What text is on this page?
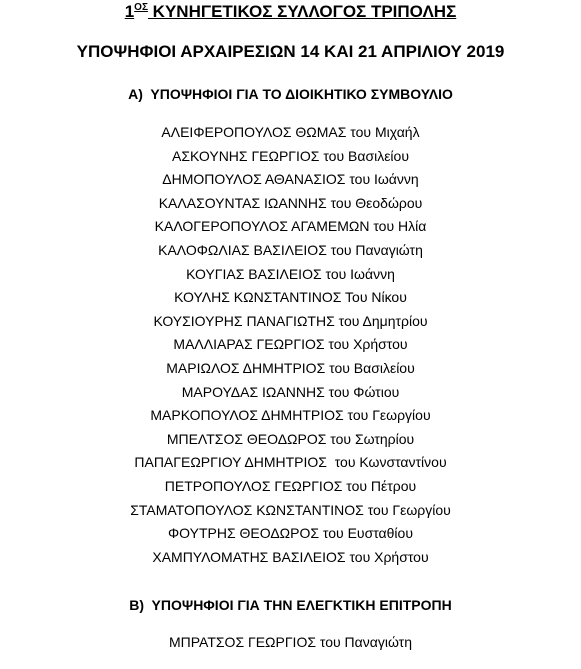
$1^{O\Sigma}$ ΚΥΝΗΓΕΤΙΚΟΣ ΣΥΛΛΟΓΟΣ ΤΡΙΠΟΛΗΣ
ΥΠΟΨΗΦΙΟΙ ΑΡΧΑΙΡΕΣΙΩΝ 14 ΚΑΙ 21 ΑΠΡΙΛΙΟΥ 2019
Α)  ΥΠΟΨΗΦΙΟΙ ΓΙΑ ΤΟ ΔΙΟΙΚΗΤΙΚΟ ΣΥΜΒΟΥΛΙΟ
ΑΛΕΙΦΕΡΟΠΟΥΛΟΣ ΘΩΜΑΣ του Μιχαήλ
ΑΣΚΟΥΝΗΣ ΓΕΩΡΓΙΟΣ του Βασιλείου
ΔΗΜΟΠΟΥΛΟΣ ΑΘΑΝΑΣΙΟΣ του Ιωάννη
ΚΑΛΑΣΟΥΝΤΑΣ ΙΩΑΝΝΗΣ του Θεοδώρου
ΚΑΛΟΓΕΡΟΠΟΥΛΟΣ ΑΓΑΜΕΜΩΝ του Ηλία
ΚΑΛΟΦΩΛΙΑΣ ΒΑΣΙΛΕΙΟΣ του Παναγιώτη
ΚΟΥΓΙΑΣ ΒΑΣΙΛΕΙΟΣ του Ιωάννη
ΚΟΥΛΗΣ ΚΩΝΣΤΑΝΤΙΝΟΣ Του Νίκου
ΚΟΥΣΙΟΥΡΗΣ ΠΑΝΑΓΙΩΤΗΣ του Δημητρίου
ΜΑΛΛΙΑΡΑΣ ΓΕΩΡΓΙΟΣ του Χρήστου
ΜΑΡΙΩΛΟΣ ΔΗΜΗΤΡΙΟΣ του Βασιλείου
ΜΑΡΟΥΔΑΣ ΙΩΑΝΝΗΣ του Φώτιου
ΜΑΡΚΟΠΟΥΛΟΣ ΔΗΜΗΤΡΙΟΣ του Γεωργίου
ΜΠΕΛΤΣΟΣ ΘΕΟΔΩΡΟΣ του Σωτηρίου
ΠΑΠΑΓΕΩΡΓΙΟΥ ΔΗΜΗΤΡΙΟΣ  του Κωνσταντίνου
ΠΕΤΡΟΠΟΥΛΟΣ ΓΕΩΡΓΙΟΣ του Πέτρου
ΣΤΑΜΑΤΟΠΟΥΛΟΣ ΚΩΝΣΤΑΝΤΙΝΟΣ του Γεωργίου
ΦΟΥΤΡΗΣ ΘΕΟΔΩΡΟΣ του Ευσταθίου
ΧΑΜΠΥΛΟΜΑΤΗΣ ΒΑΣΙΛΕΙΟΣ του Χρήστου
Β)  ΥΠΟΨΗΦΙΟΙ ΓΙΑ ΤΗΝ ΕΛΕΓΚΤΙΚΗ ΕΠΙΤΡΟΠΗ
ΜΠΡΑΤΣΟΣ ΓΕΩΡΓΙΟΣ του Παναγιώτη
